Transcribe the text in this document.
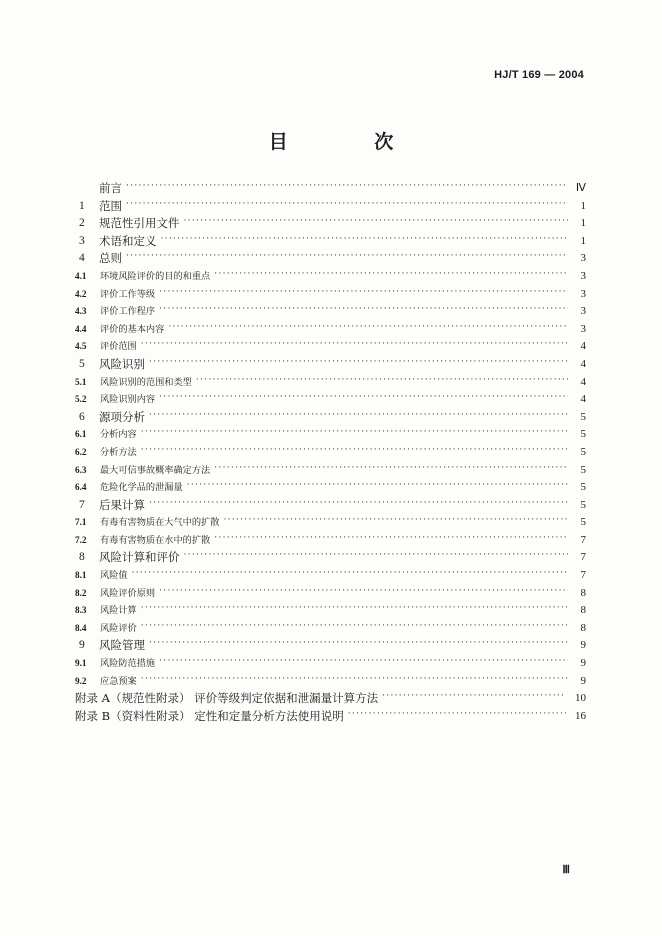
HJ/T 169 — 2004
目 次
前言 ·····	Ⅳ
1	范围 ·····	1
2	规范性引用文件 ·····	1
3	术语和定义 ·····	1
4	总则 ·····	3
4.1	环境风险评价的目的和重点 ·····	3
4.2	评价工作等级 ·····	3
4.3	评价工作程序 ·····	3
4.4	评价的基本内容 ·····	3
4.5	评价范围 ·····	4
5	风险识别 ·····	4
5.1	风险识别的范围和类型 ·····	4
5.2	风险识别内容 ·····	4
6	源项分析 ·····	5
6.1	分析内容 ·····	5
6.2	分析方法 ·····	5
6.3	最大可信事故概率确定方法 ·····	5
6.4	危险化学品的泄漏量 ·····	5
7	后果计算 ·····	5
7.1	有毒有害物质在大气中的扩散 ·····	5
7.2	有毒有害物质在水中的扩散 ·····	7
8	风险计算和评价 ·····	7
8.1	风险值 ·····	7
8.2	风险评价原则 ·····	8
8.3	风险计算 ·····	8
8.4	风险评价 ·····	8
9	风险管理 ·····	9
9.1	风险防范措施 ·····	9
9.2	应急预案 ·····	9
附录 A（规范性附录） 评价等级判定依据和泄漏量计算方法 ·····	10
附录 B（资料性附录） 定性和定量分析方法使用说明 ·····	16
Ⅲ
